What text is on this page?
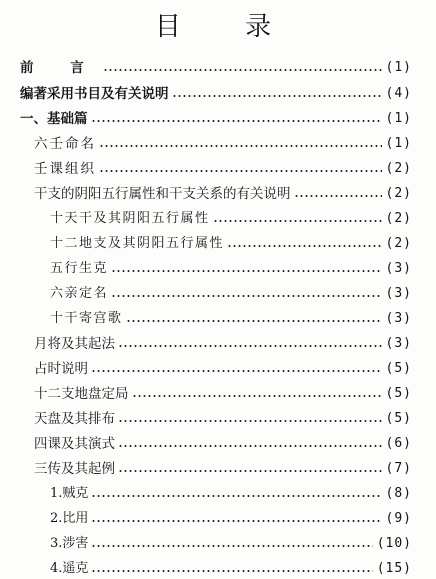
目 录
前 言	(1)
编著采用书目及有关说明	(4)
一、基础篇	(1)
六壬命名	(1)
壬课组织	(2)
干支的阴阳五行属性和干支关系的有关说明	(2)
十天干及其阴阳五行属性	(2)
十二地支及其阴阳五行属性	(2)
五行生克	(3)
六亲定名	(3)
十干寄宫歌	(3)
月将及其起法	(3)
占时说明	(5)
十二支地盘定局	(5)
天盘及其排布	(5)
四课及其演式	(6)
三传及其起例	(7)
1.贼克	(8)
2.比用	(9)
3.涉害	(10)
4.遥克	(15)
